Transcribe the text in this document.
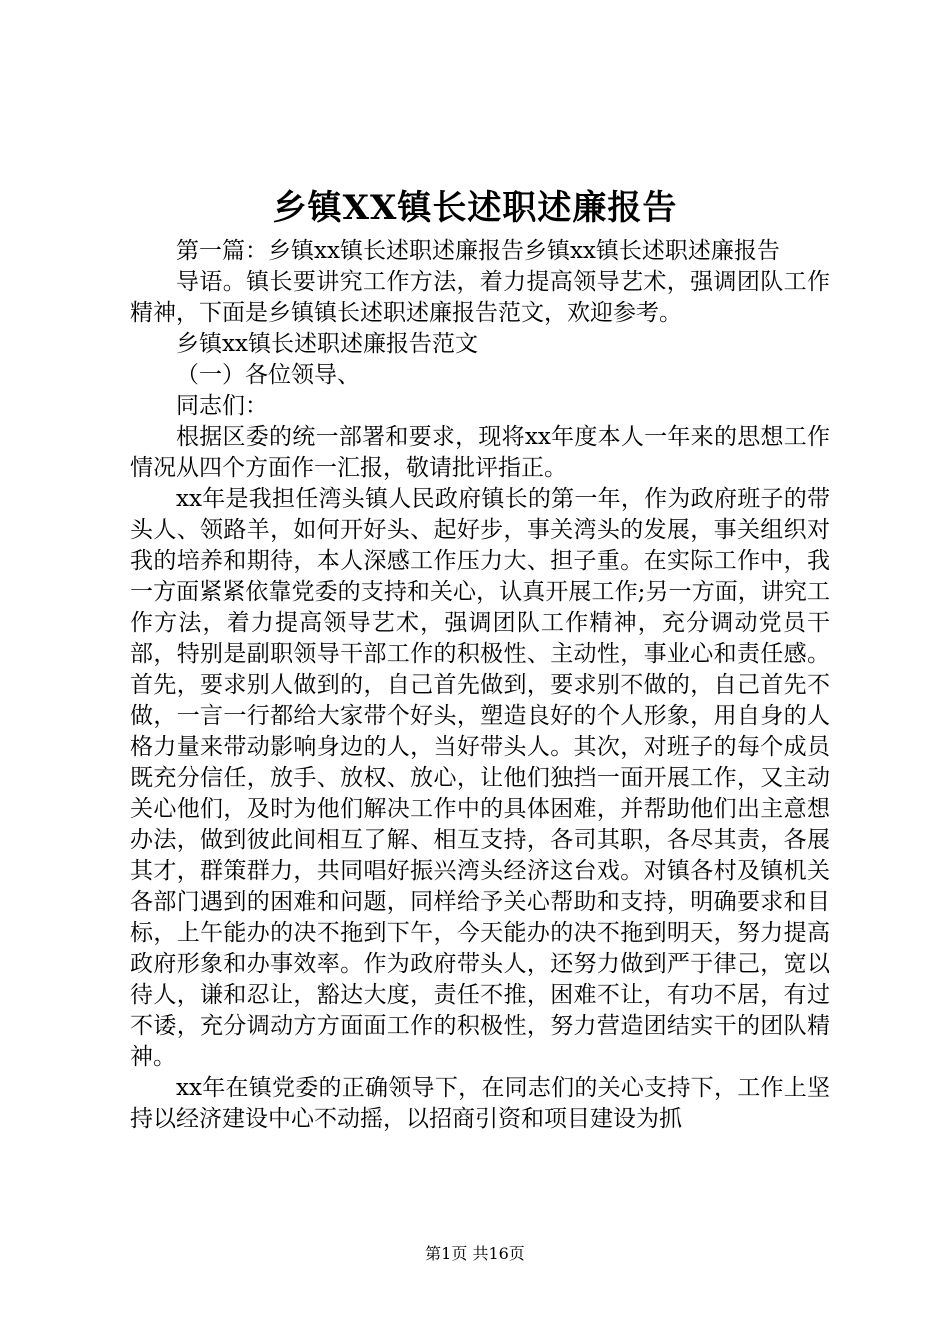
乡镇XX镇长述职述廉报告

第一篇：乡镇xx镇长述职述廉报告乡镇xx镇长述职述廉报告

导语。镇长要讲究工作方法，着力提高领导艺术，强调团队工作精神，下面是乡镇镇长述职述廉报告范文，欢迎参考。

乡镇xx镇长述职述廉报告范文

（一）各位领导、

同志们：

根据区委的统一部署和要求，现将xx年度本人一年来的思想工作情况从四个方面作一汇报，敬请批评指正。

xx年是我担任湾头镇人民政府镇长的第一年，作为政府班子的带头人、领路羊，如何开好头、起好步，事关湾头的发展，事关组织对我的培养和期待，本人深感工作压力大、担子重。在实际工作中，我一方面紧紧依靠党委的支持和关心，认真开展工作;另一方面，讲究工作方法，着力提高领导艺术，强调团队工作精神，充分调动党员干部，特别是副职领导干部工作的积极性、主动性，事业心和责任感。首先，要求别人做到的，自己首先做到，要求别不做的，自己首先不做，一言一行都给大家带个好头，塑造良好的个人形象，用自身的人格力量来带动影响身边的人，当好带头人。其次，对班子的每个成员既充分信任，放手、放权、放心，让他们独挡一面开展工作，又主动关心他们，及时为他们解决工作中的具体困难，并帮助他们出主意想办法，做到彼此间相互了解、相互支持，各司其职，各尽其责，各展其才，群策群力，共同唱好振兴湾头经济这台戏。对镇各村及镇机关各部门遇到的困难和问题，同样给予关心帮助和支持，明确要求和目标，上午能办的决不拖到下午，今天能办的决不拖到明天，努力提高政府形象和办事效率。作为政府带头人，还努力做到严于律己，宽以待人，谦和忍让，豁达大度，责任不推，困难不让，有功不居，有过不诿，充分调动方方面面工作的积极性，努力营造团结实干的团队精神。

xx年在镇党委的正确领导下，在同志们的关心支持下，工作上坚持以经济建设中心不动摇，以招商引资和项目建设为抓

第1页 共16页
